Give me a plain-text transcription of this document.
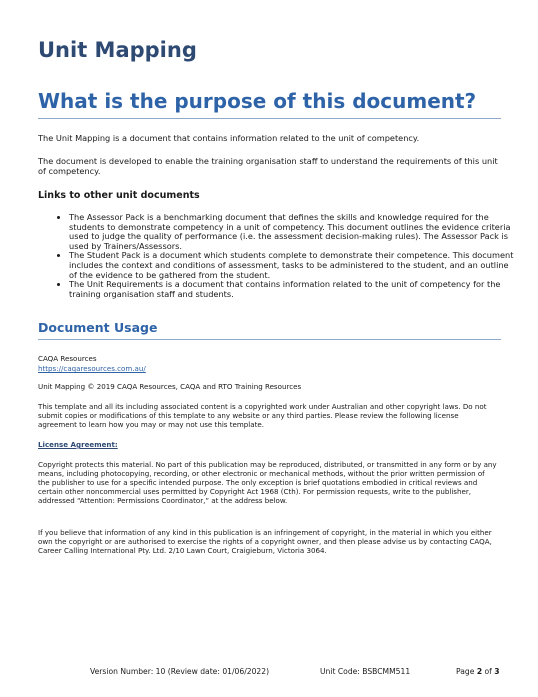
Unit Mapping
What is the purpose of this document?

The Unit Mapping is a document that contains information related to the unit of competency.

The document is developed to enable the training organisation staff to understand the requirements of this unit of competency.

Links to other unit documents
• The Assessor Pack is a benchmarking document that defines the skills and knowledge required for the students to demonstrate competency in a unit of competency. This document outlines the evidence criteria used to judge the quality of performance (i.e. the assessment decision-making rules). The Assessor Pack is used by Trainers/Assessors.
• The Student Pack is a document which students complete to demonstrate their competence. This document includes the context and conditions of assessment, tasks to be administered to the student, and an outline of the evidence to be gathered from the student.
• The Unit Requirements is a document that contains information related to the unit of competency for the training organisation staff and students.
Document Usage

CAQA Resources

https://caqaresources.com.au/

Unit Mapping © 2019 CAQA Resources, CAQA and RTO Training Resources

This template and all its including associated content is a copyrighted work under Australian and other copyright laws. Do not submit copies or modifications of this template to any website or any third parties. Please review the following license agreement to learn how you may or may not use this template.

License Agreement:

Copyright protects this material. No part of this publication may be reproduced, distributed, or transmitted in any form or by any means, including photocopying, recording, or other electronic or mechanical methods, without the prior written permission of the publisher to use for a specific intended purpose. The only exception is brief quotations embodied in critical reviews and certain other noncommercial uses permitted by Copyright Act 1968 (Cth). For permission requests, write to the publisher, addressed “Attention: Permissions Coordinator,” at the address below.

If you believe that information of any kind in this publication is an infringement of copyright, in the material in which you either own the copyright or are authorised to exercise the rights of a copyright owner, and then please advise us by contacting CAQA, Career Calling International Pty. Ltd. 2/10 Lawn Court, Craigieburn, Victoria 3064.

Version Number: 10 (Review date: 01/06/2022)	Unit Code: BSBCMM511	Page 2 of 3
